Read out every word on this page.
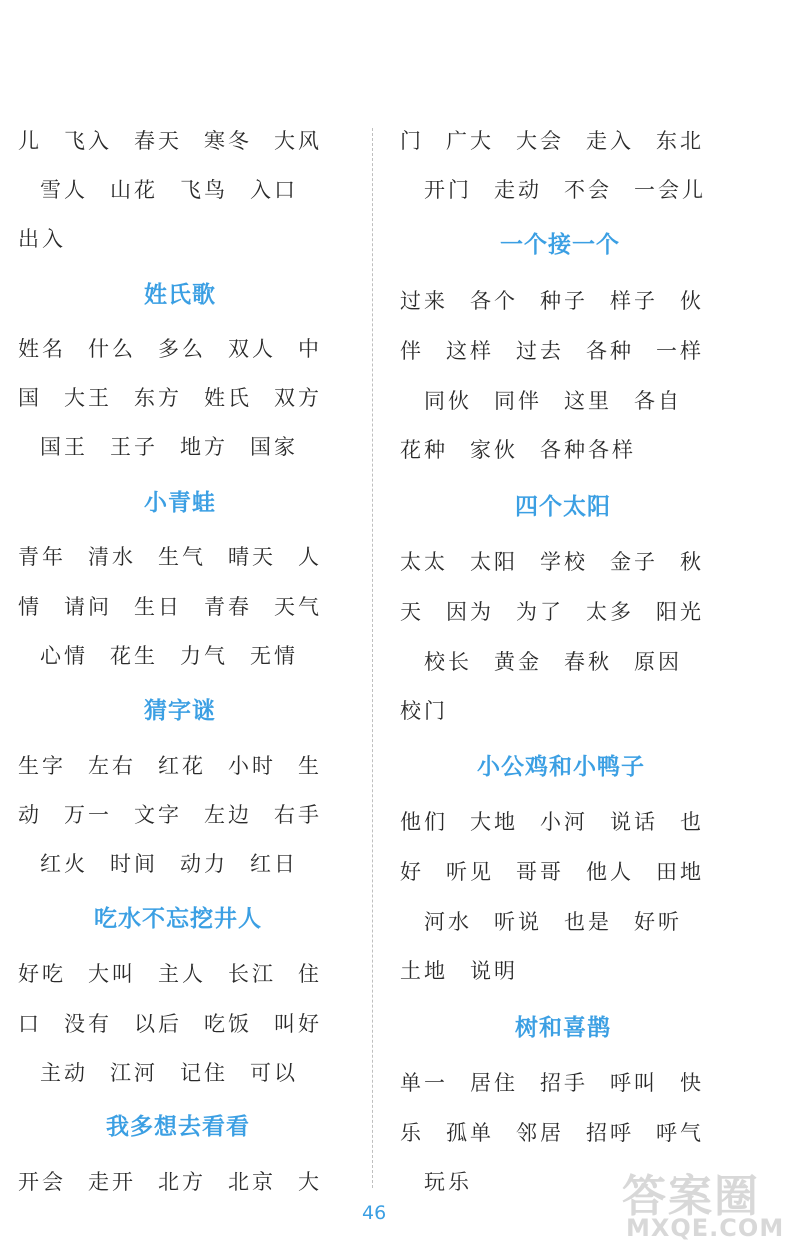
儿 飞入 春天 寒冬 大风
雪人 山花 飞鸟 入口
出入
姓氏歌
姓名 什么 多么 双人 中
国 大王 东方 姓氏 双方
国王 王子 地方 国家
小青蛙
青年 清水 生气 晴天 人
情 请问 生日 青春 天气
心情 花生 力气 无情
猜字谜
生字 左右 红花 小时 生
动 万一 文字 左边 右手
红火 时间 动力 红日
吃水不忘挖井人
好吃 大叫 主人 长江 住
口 没有 以后 吃饭 叫好
主动 江河 记住 可以
我多想去看看
开会 走开 北方 北京 大
门 广大 大会 走入 东北
开门 走动 不会 一会儿
一个接一个
过来 各个 种子 样子 伙
伴 这样 过去 各种 一样
同伙 同伴 这里 各自
花种 家伙 各种各样
四个太阳
太太 太阳 学校 金子 秋
天 因为 为了 太多 阳光
校长 黄金 春秋 原因
校门
小公鸡和小鸭子
他们 大地 小河 说话 也
好 听见 哥哥 他人 田地
河水 听说 也是 好听
土地 说明
树和喜鹊
单一 居住 招手 呼叫 快
乐 孤单 邻居 招呼 呼气
玩乐
46	答案圈
MXQE.COM
